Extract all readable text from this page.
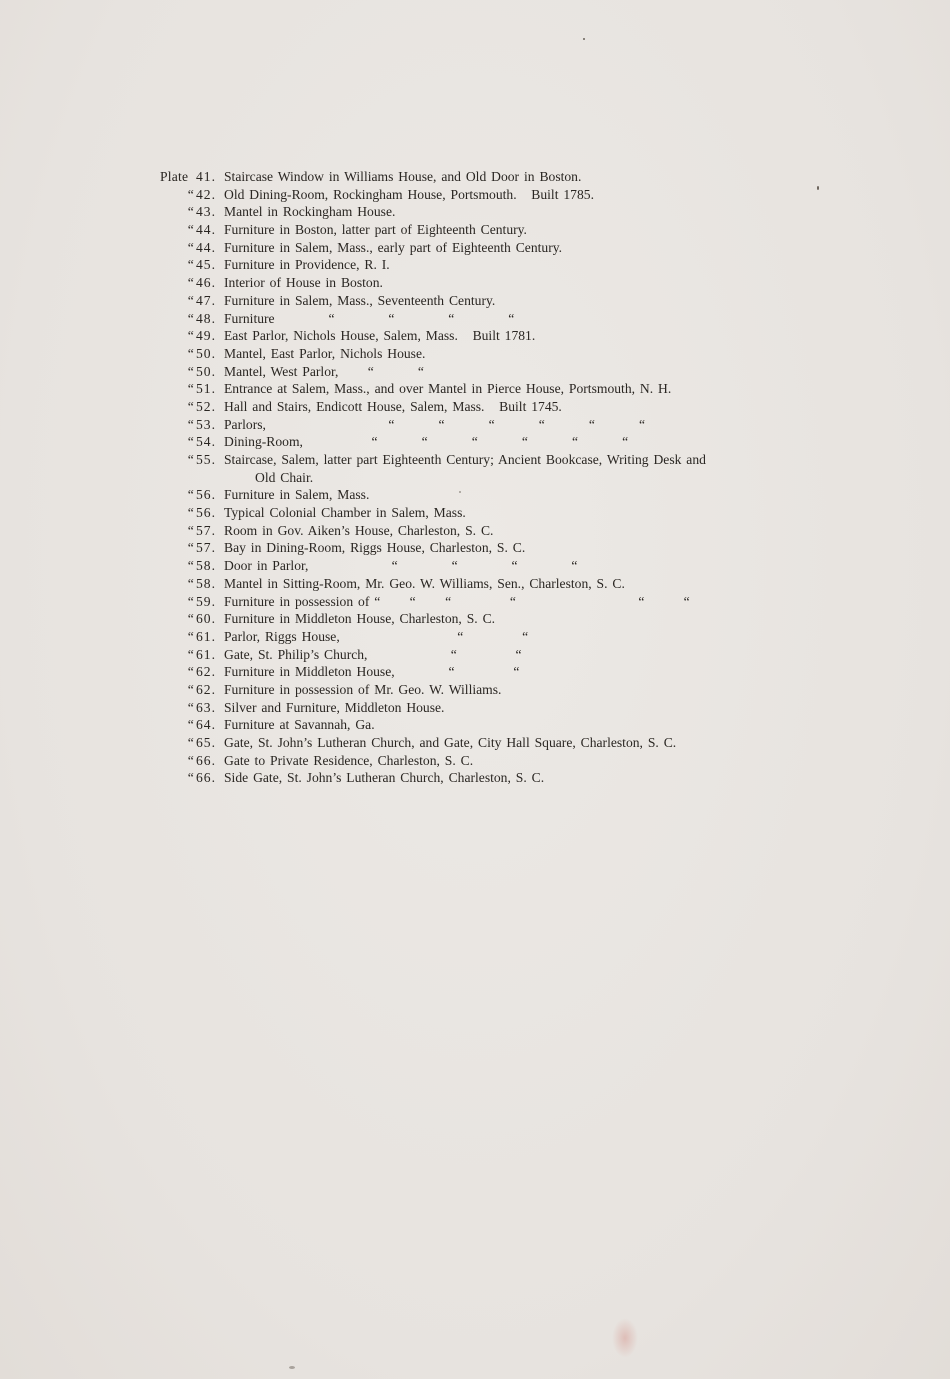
Plate 41. Staircase Window in Williams House, and Old Door in Boston.
“ 42. Old Dining-Room, Rockingham House, Portsmouth.   Built 1785.
“ 43. Mantel in Rockingham House.
“ 44. Furniture in Boston, latter part of Eighteenth Century.
“ 44. Furniture in Salem, Mass., early part of Eighteenth Century.
“ 45. Furniture in Providence, R. I.
“ 46. Interior of House in Boston.
“ 47. Furniture in Salem, Mass., Seventeenth Century.
“ 48. Furniture           “           “           “           “
“ 49. East Parlor, Nichols House, Salem, Mass.   Built 1781.
“ 50. Mantel, East Parlor, Nichols House.
“ 50. Mantel, West Parlor,      “         “
“ 51. Entrance at Salem, Mass., and over Mantel in Pierce House, Portsmouth, N. H.
“ 52. Hall and Stairs, Endicott House, Salem, Mass.   Built 1745.
“ 53. Parlors,                         “         “         “         “         “         “
“ 54. Dining-Room,              “         “         “         “         “         “
“ 55. Staircase, Salem, latter part Eighteenth Century; Ancient Bookcase, Writing Desk and
Old Chair.
“ 56. Furniture in Salem, Mass.
“ 56. Typical Colonial Chamber in Salem, Mass.
“ 57. Room in Gov. Aiken’s House, Charleston, S. C.
“ 57. Bay in Dining-Room, Riggs House, Charleston, S. C.
“ 58. Door in Parlor,                 “           “           “           “
“ 58. Mantel in Sitting-Room, Mr. Geo. W. Williams, Sen., Charleston, S. C.
“ 59. Furniture in possession of “      “      “            “                         “        “
“ 60. Furniture in Middleton House, Charleston, S. C.
“ 61. Parlor, Riggs House,                        “            “
“ 61. Gate, St. Philip’s Church,                 “            “
“ 62. Furniture in Middleton House,           “            “
“ 62. Furniture in possession of Mr. Geo. W. Williams.
“ 63. Silver and Furniture, Middleton House.
“ 64. Furniture at Savannah, Ga.
“ 65. Gate, St. John’s Lutheran Church, and Gate, City Hall Square, Charleston, S. C.
“ 66. Gate to Private Residence, Charleston, S. C.
“ 66. Side Gate, St. John’s Lutheran Church, Charleston, S. C.
